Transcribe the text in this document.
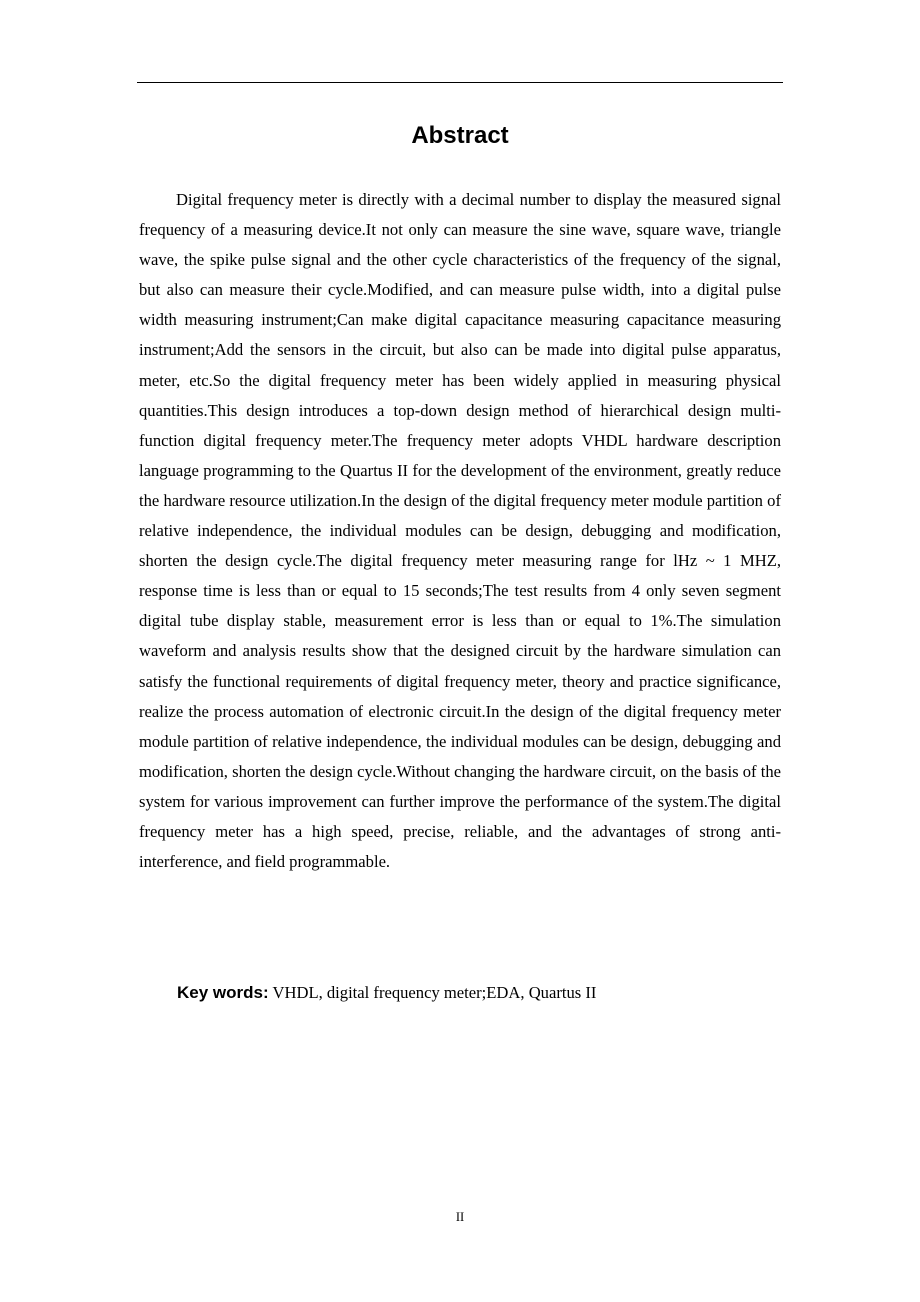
Abstract

Digital frequency meter is directly with a decimal number to display the measured signal frequency of a measuring device.It not only can measure the sine wave, square wave, triangle wave, the spike pulse signal and the other cycle characteristics of the frequency of the signal, but also can measure their cycle.Modified, and can measure pulse width, into a digital pulse width measuring instrument;Can make digital capacitance measuring capacitance measuring instrument;Add the sensors in the circuit, but also can be made into digital pulse apparatus, meter, etc.So the digital frequency meter has been widely applied in measuring physical quantities.This design introduces a top-down design method of hierarchical design multi-function digital frequency meter.The frequency meter adopts VHDL hardware description language programming to the Quartus II for the development of the environment, greatly reduce the hardware resource utilization.In the design of the digital frequency meter module partition of relative independence, the individual modules can be design, debugging and modification, shorten the design cycle.The digital frequency meter measuring range for lHz ~ 1 MHZ, response time is less than or equal to 15 seconds;The test results from 4 only seven segment digital tube display stable, measurement error is less than or equal to 1%.The simulation waveform and analysis results show that the designed circuit by the hardware simulation can satisfy the functional requirements of digital frequency meter, theory and practice significance, realize the process automation of electronic circuit.In the design of the digital frequency meter module partition of relative independence, the individual modules can be design, debugging and modification, shorten the design cycle.Without changing the hardware circuit, on the basis of the system for various improvement can further improve the performance of the system.The digital frequency meter has a high speed, precise, reliable, and the advantages of strong anti-interference, and field programmable.

Key words: VHDL, digital frequency meter;EDA, Quartus II

II
